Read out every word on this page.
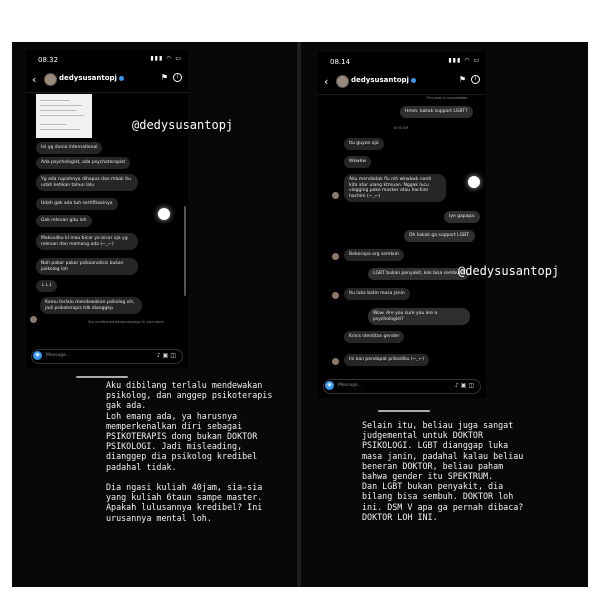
08.32	▮▮▮ ◠ ▭
‹	dedysusantopj	⚑	i
Ini yg dunia international
Ada psychologist, ada psychoterapist
Yg ada rupiahnya dihapus dan mbak itu udah ketikan tahun lalu
Udah gak ada tuh sertifikasinya
Gak relevan gitu loh
Maksudku kl mau bicar ya bicar aja yg relevan dan memang ada (⌐_⌐)
Nah pakar pakar psikoanalisis bukan psikolog loh
↓↓↓
Kamu terlalu mendewakan psikolog sih, jadi psikoterapis tdk dianggep
You mentioned dedysusantopj in your story
◉	Message...	♪▣◫
@dedysusantopj
Aku dibilang terlalu mendewakan
psikolog, dan anggep psikoterapis
gak ada.
Loh emang ada, ya harusnya
memperkenalkan diri sebagai
PSIKOTERAPIS dong bukan DOKTOR
PSIKOLOGI. Jadi misleading,
dianggep dia psikolog kredibel
padahal tidak.

Dia ngasi kuliah 40jam, sia-sia
yang kuliah 6taun sampe master.
Apakah lulusannya kredibel? Ini
urusannya mental loh.
08.14	▮▮▮ ◠ ▭
‹	dedysusantopj	⚑	i
This post is unavailable
Hmm, kakak support LGBT?
8:00 AM
Itu guyon aja
Wkwkw
Aku mendadak flu nih wkwkwk nanti kita atur ulang ktmuan. Nggak lucu vlogging pake masker atau hachim hachim (⌐_⌐)
Iye gapapa.
Oh kakak ga support LGBT.
Beberapa org sembuh
LGBT bukan penyakit, kok bisa sembuh?
Itu luka batin masa janin
Wow. Are you sure you are a psychologist?
Krisis identitas gender
Ini kan pendapat pribadiku (⌐_⌐)
◉	Message...	♪▣◫
@dedysusantopj
Selain itu, beliau juga sangat
judgemental untuk DOKTOR
PSIKOLOGI. LGBT dianggap luka
masa janin, padahal kalau beliau
beneran DOKTOR, beliau paham
bahwa gender itu SPEKTRUM.
Dan LGBT bukan penyakit, dia
bilang bisa sembuh. DOKTOR loh
ini. DSM V apa ga pernah dibaca?
DOKTOR LOH INI.
